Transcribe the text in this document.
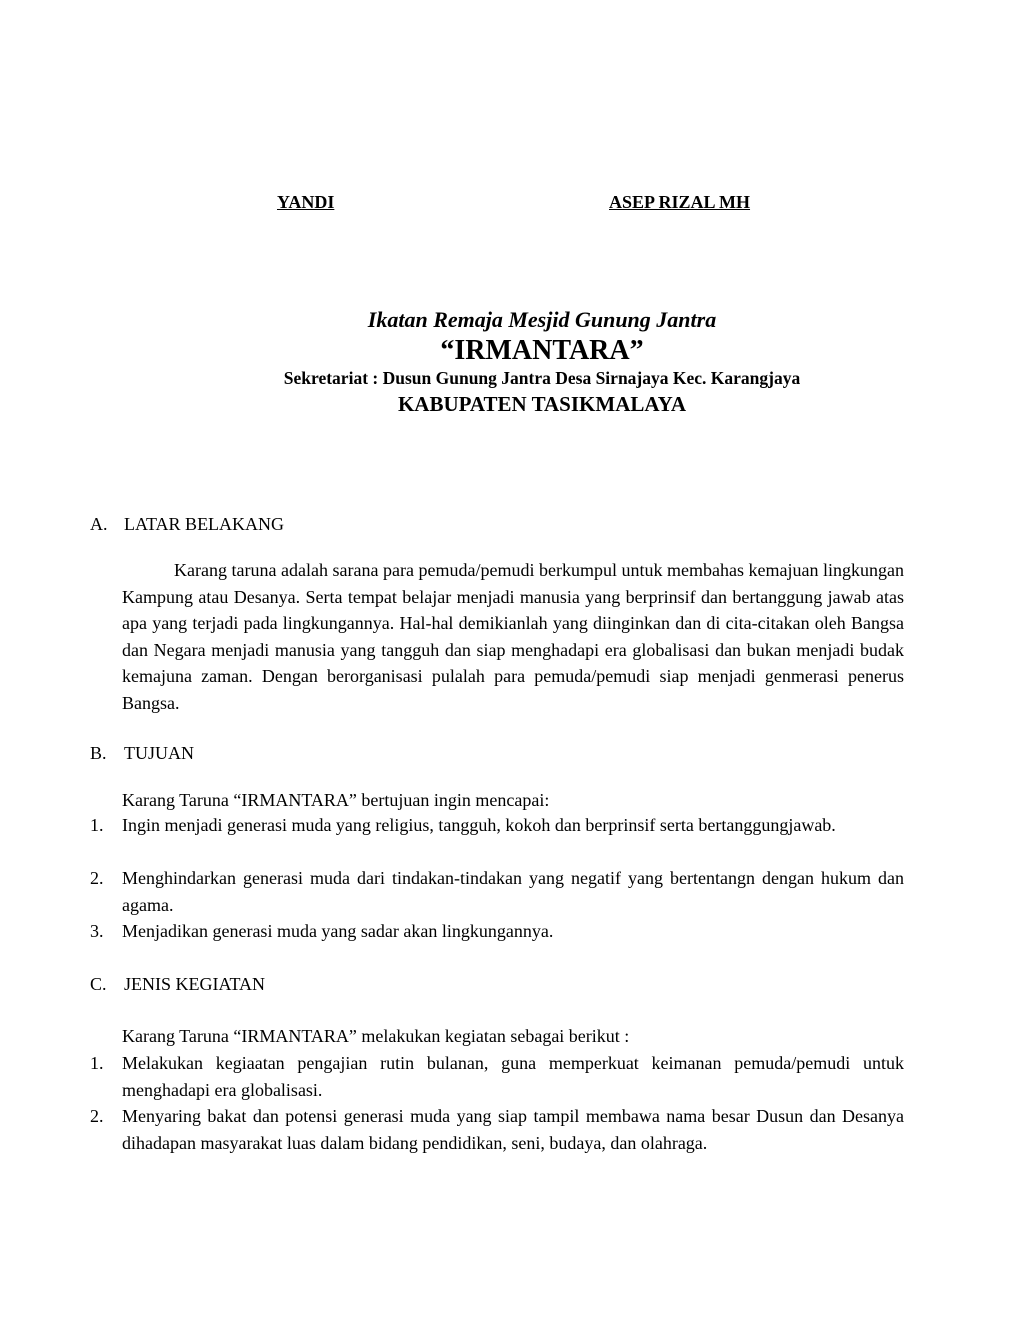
YANDI	ASEP RIZAL MH
Ikatan Remaja Mesjid Gunung Jantra
“IRMANTARA”
Sekretariat : Dusun Gunung Jantra Desa Sirnajaya Kec. Karangjaya
KABUPATEN TASIKMALAYA
A. LATAR BELAKANG

Karang taruna adalah sarana para pemuda/pemudi berkumpul untuk membahas kemajuan lingkungan Kampung atau Desanya. Serta tempat belajar menjadi manusia yang berprinsif dan bertanggung jawab atas apa yang terjadi pada lingkungannya. Hal-hal demikianlah yang diinginkan dan di cita-citakan oleh Bangsa dan Negara menjadi manusia yang tangguh dan siap menghadapi era globalisasi dan bukan menjadi budak kemajuna zaman. Dengan berorganisasi pulalah para pemuda/pemudi siap menjadi genmerasi penerus Bangsa.

B. TUJUAN
Karang Taruna “IRMANTARA” bertujuan ingin mencapai:
1. Ingin menjadi generasi muda yang religius, tangguh, kokoh dan berprinsif serta bertanggungjawab.
2. Menghindarkan generasi muda dari tindakan-tindakan yang negatif yang bertentangn dengan hukum dan agama.
3. Menjadikan generasi muda yang sadar akan lingkungannya.
C. JENIS KEGIATAN
Karang Taruna “IRMANTARA” melakukan kegiatan sebagai berikut :
1. Melakukan kegiaatan pengajian rutin bulanan, guna memperkuat keimanan pemuda/pemudi untuk menghadapi era globalisasi.
2. Menyaring bakat dan potensi generasi muda yang siap tampil membawa nama besar Dusun dan Desanya dihadapan masyarakat luas dalam bidang pendidikan, seni, budaya, dan olahraga.
